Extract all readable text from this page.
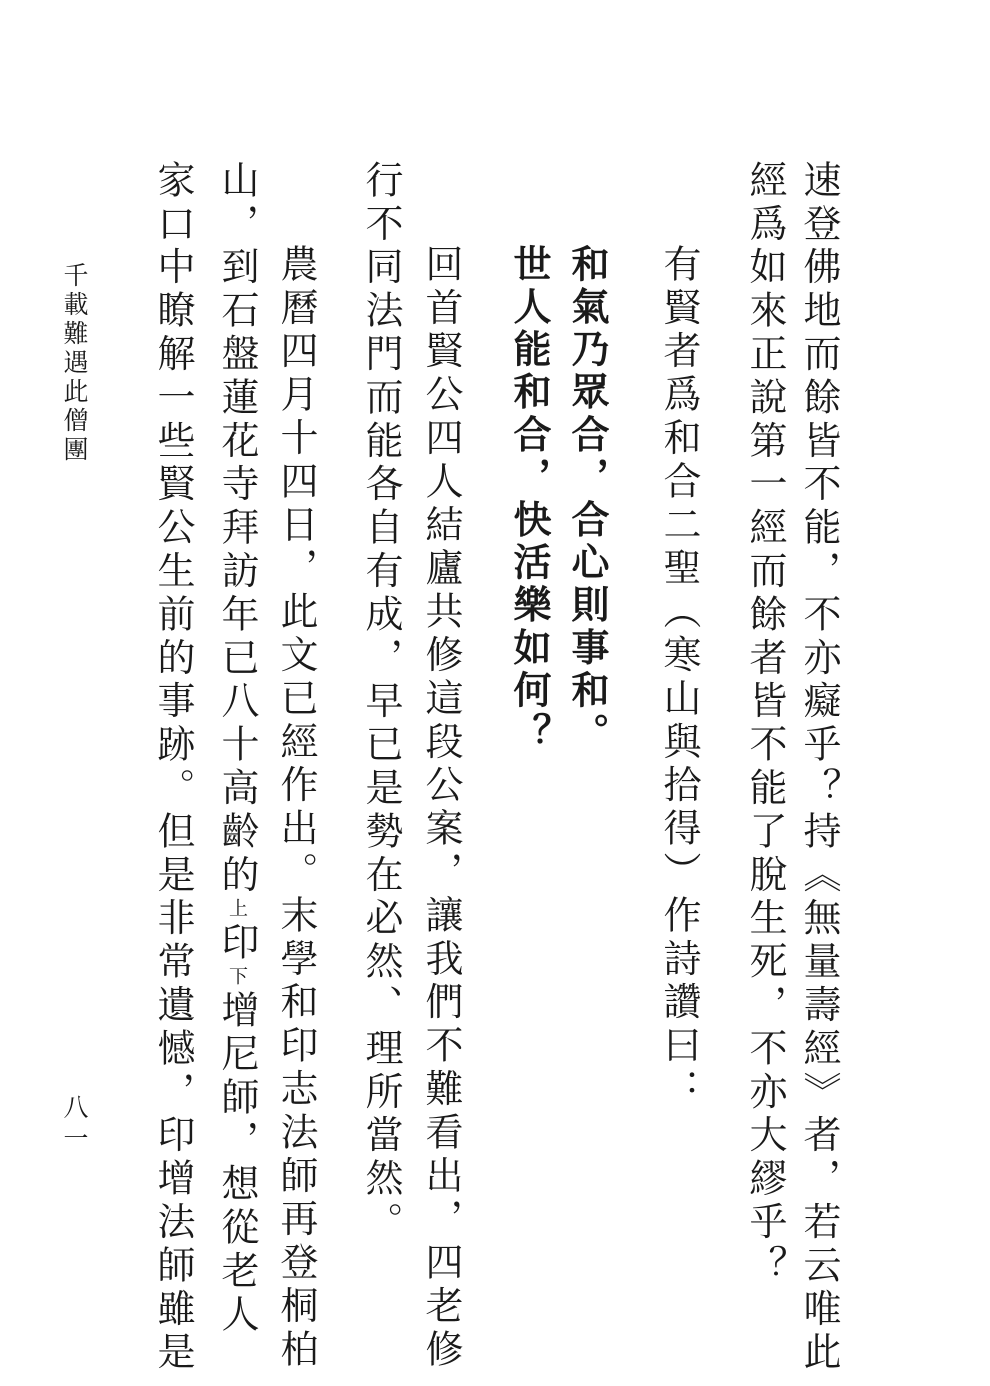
速登佛地而餘皆不能，不亦癡乎？持《無量壽經》者，若云唯此
經爲如來正說第一經而餘者皆不能了脫生死，不亦大繆乎？
有賢者爲和合二聖（寒山與拾得）作詩讚曰：
和氣乃眾合，合心則事和。
世人能和合，快活樂如何？
回首賢公四人結廬共修這段公案，讓我們不難看出，四老修
行不同法門而能各自有成，早已是勢在必然、理所當然。
農曆四月十四日，此文已經作出。末學和印志法師再登桐柏
山，到石盤蓮花寺拜訪年已八十高齡的上印下增尼師，想從老人
家口中瞭解一些賢公生前的事跡。但是非常遺憾，印增法師雖是
千載難遇此僧團
八一
